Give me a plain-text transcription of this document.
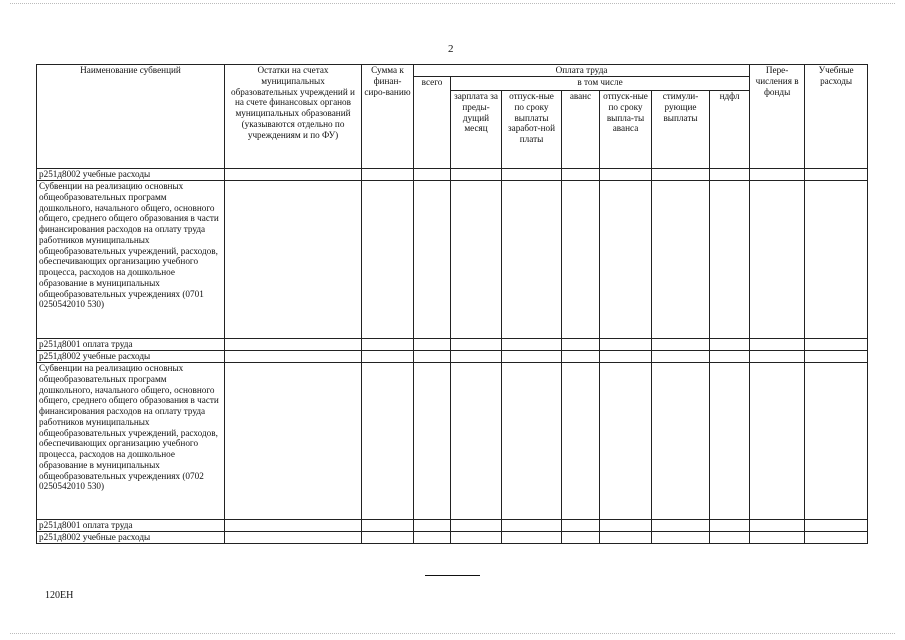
2
Наименование субвенций	Остатки на счетах муниципальных образовательных учреждений и на счете финансовых органов муниципальных образований (указываются отдельно по учреждениям и по ФУ)	Сумма к финан-сиро-ванию	Оплата труда							Пере-числения в фонды	Учебные расходы
			всего	в том числе							
				зарплата за преды-дущий месяц	отпуск-ные по сроку выплаты заработ-ной платы	аванс	отпуск-ные по сроку выпла-ты аванса	стимули-рующие выплаты	ндфл		
р251д8002 учебные расходы											
Субвенции на реализацию основных общеобразовательных программ дошкольного, начального общего, основного общего, среднего общего образования в части финансирования расходов на оплату труда работников муниципальных общеобразовательных учреждений, расходов, обеспечивающих организацию учебного процесса, расходов на дошкольное образование в муниципальных общеобразовательных учреждениях (0701 0250542010 530)											
р251д8001 оплата труда											
р251д8002 учебные расходы											
Субвенции на реализацию основных общеобразовательных программ дошкольного, начального общего, основного общего, среднего общего образования в части финансирования расходов на оплату труда работников муниципальных общеобразовательных учреждений, расходов, обеспечивающих организацию учебного процесса, расходов на дошкольное образование в муниципальных общеобразовательных учреждениях (0702 0250542010 530)											
р251д8001 оплата труда											
р251д8002 учебные расходы											
120ЕН
